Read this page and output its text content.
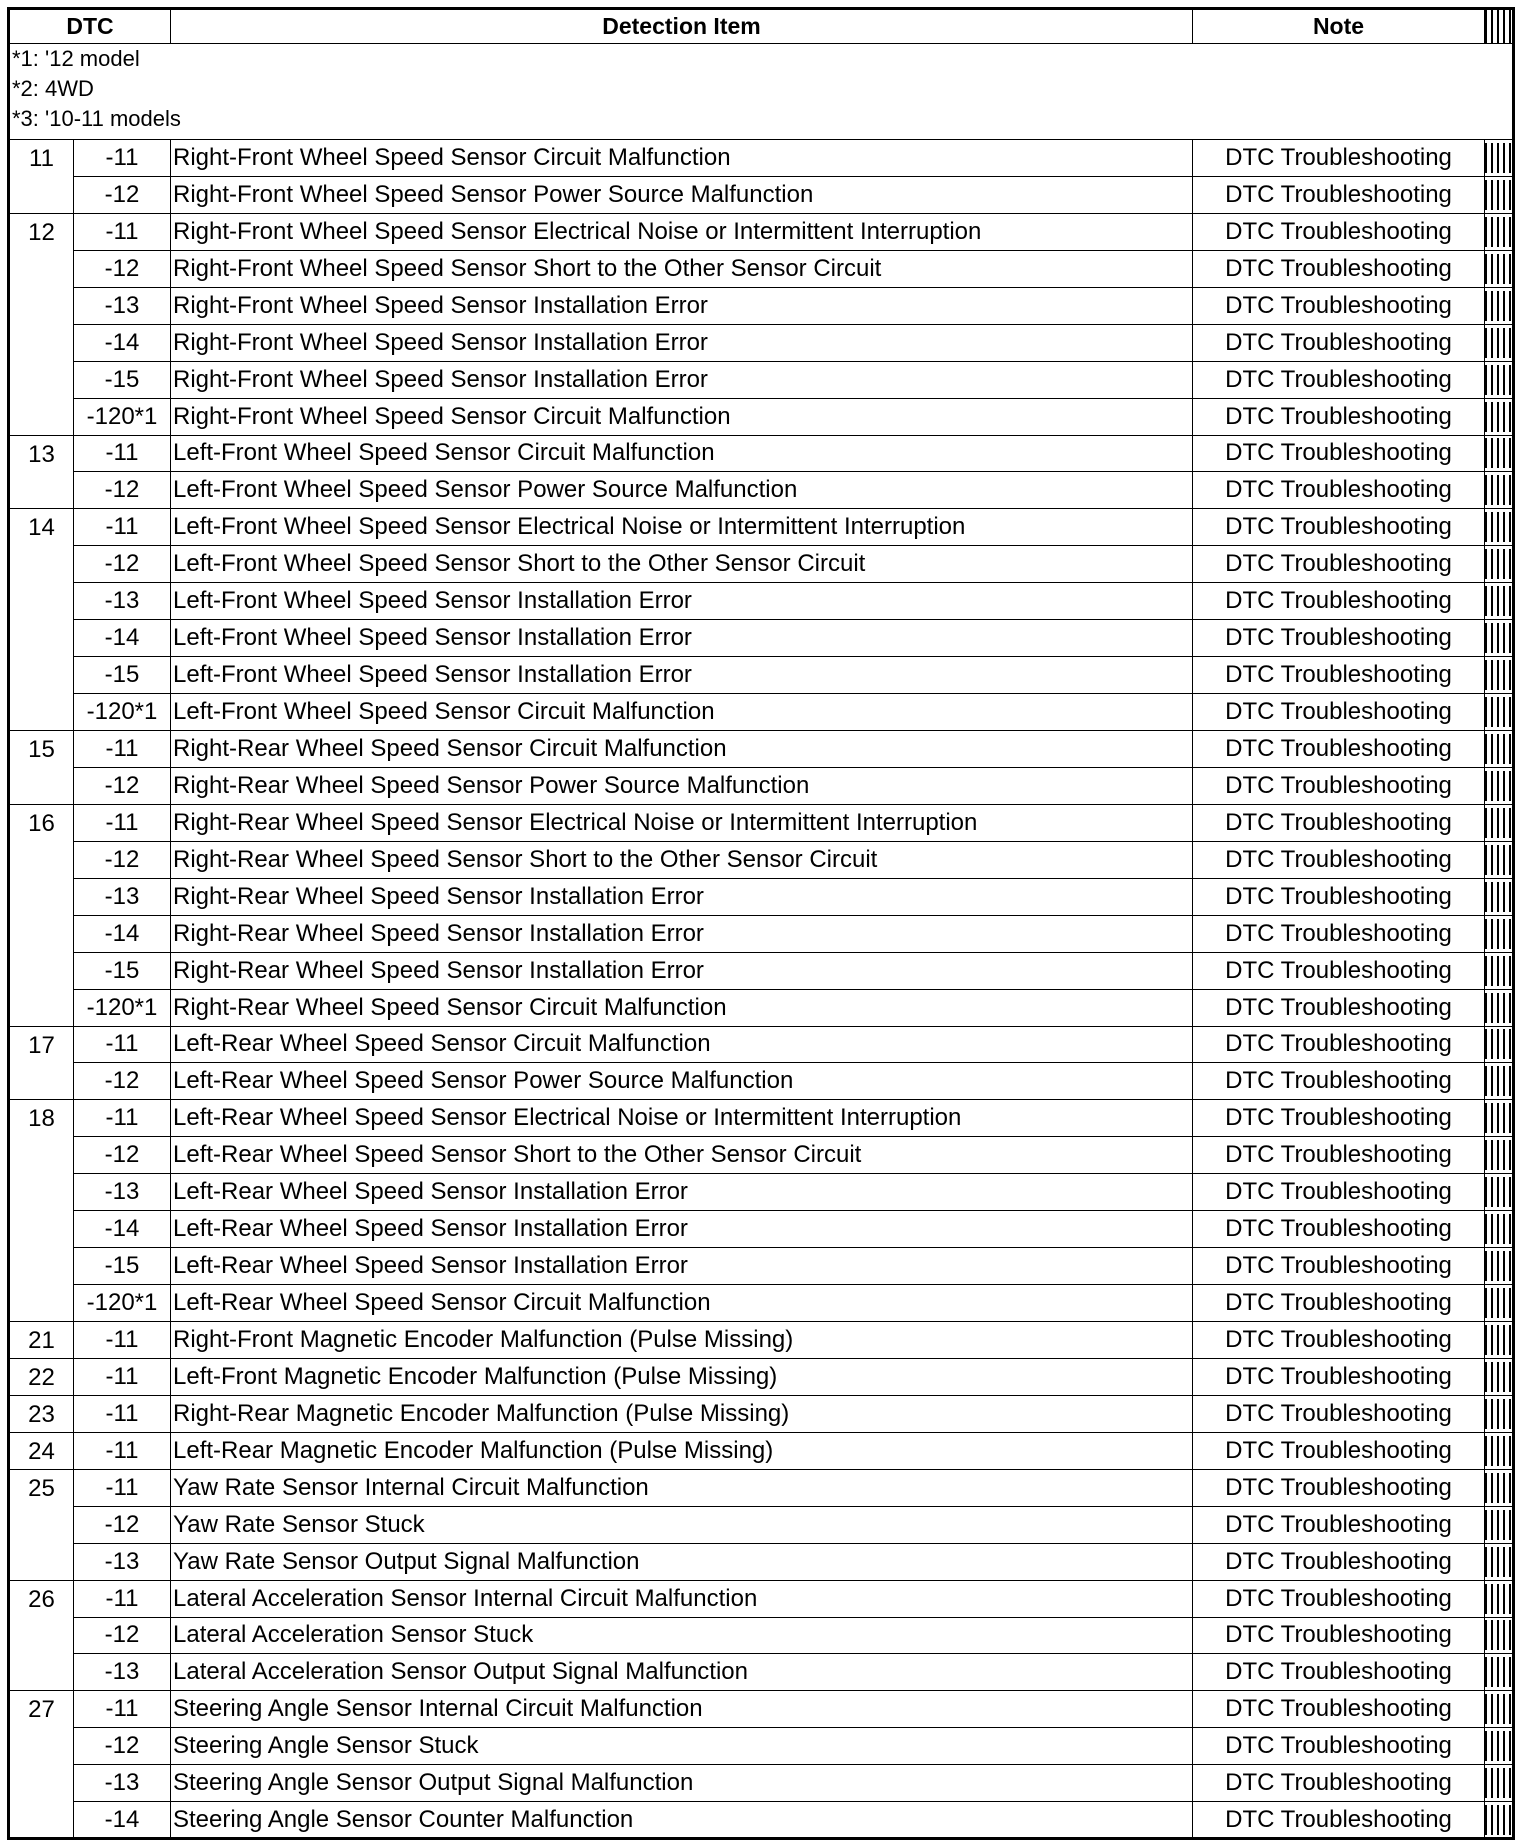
DTC		Detection Item	Note	

*1: '12 model
*2: 4WD
*3: '10-11 models				

11	-11	Right-Front Wheel Speed Sensor Circuit Malfunction	DTC Troubleshooting	

	-12	Right-Front Wheel Speed Sensor Power Source Malfunction	DTC Troubleshooting	

12	-11	Right-Front Wheel Speed Sensor Electrical Noise or Intermittent Interruption	DTC Troubleshooting	

	-12	Right-Front Wheel Speed Sensor Short to the Other Sensor Circuit	DTC Troubleshooting	

	-13	Right-Front Wheel Speed Sensor Installation Error	DTC Troubleshooting	

	-14	Right-Front Wheel Speed Sensor Installation Error	DTC Troubleshooting	

	-15	Right-Front Wheel Speed Sensor Installation Error	DTC Troubleshooting	

	-120*1	Right-Front Wheel Speed Sensor Circuit Malfunction	DTC Troubleshooting	

13	-11	Left-Front Wheel Speed Sensor Circuit Malfunction	DTC Troubleshooting	

	-12	Left-Front Wheel Speed Sensor Power Source Malfunction	DTC Troubleshooting	

14	-11	Left-Front Wheel Speed Sensor Electrical Noise or Intermittent Interruption	DTC Troubleshooting	

	-12	Left-Front Wheel Speed Sensor Short to the Other Sensor Circuit	DTC Troubleshooting	

	-13	Left-Front Wheel Speed Sensor Installation Error	DTC Troubleshooting	

	-14	Left-Front Wheel Speed Sensor Installation Error	DTC Troubleshooting	

	-15	Left-Front Wheel Speed Sensor Installation Error	DTC Troubleshooting	

	-120*1	Left-Front Wheel Speed Sensor Circuit Malfunction	DTC Troubleshooting	

15	-11	Right-Rear Wheel Speed Sensor Circuit Malfunction	DTC Troubleshooting	

	-12	Right-Rear Wheel Speed Sensor Power Source Malfunction	DTC Troubleshooting	

16	-11	Right-Rear Wheel Speed Sensor Electrical Noise or Intermittent Interruption	DTC Troubleshooting	

	-12	Right-Rear Wheel Speed Sensor Short to the Other Sensor Circuit	DTC Troubleshooting	

	-13	Right-Rear Wheel Speed Sensor Installation Error	DTC Troubleshooting	

	-14	Right-Rear Wheel Speed Sensor Installation Error	DTC Troubleshooting	

	-15	Right-Rear Wheel Speed Sensor Installation Error	DTC Troubleshooting	

	-120*1	Right-Rear Wheel Speed Sensor Circuit Malfunction	DTC Troubleshooting	

17	-11	Left-Rear Wheel Speed Sensor Circuit Malfunction	DTC Troubleshooting	

	-12	Left-Rear Wheel Speed Sensor Power Source Malfunction	DTC Troubleshooting	

18	-11	Left-Rear Wheel Speed Sensor Electrical Noise or Intermittent Interruption	DTC Troubleshooting	

	-12	Left-Rear Wheel Speed Sensor Short to the Other Sensor Circuit	DTC Troubleshooting	

	-13	Left-Rear Wheel Speed Sensor Installation Error	DTC Troubleshooting	

	-14	Left-Rear Wheel Speed Sensor Installation Error	DTC Troubleshooting	

	-15	Left-Rear Wheel Speed Sensor Installation Error	DTC Troubleshooting	

	-120*1	Left-Rear Wheel Speed Sensor Circuit Malfunction	DTC Troubleshooting	

21	-11	Right-Front Magnetic Encoder Malfunction (Pulse Missing)	DTC Troubleshooting	

22	-11	Left-Front Magnetic Encoder Malfunction (Pulse Missing)	DTC Troubleshooting	

23	-11	Right-Rear Magnetic Encoder Malfunction (Pulse Missing)	DTC Troubleshooting	

24	-11	Left-Rear Magnetic Encoder Malfunction (Pulse Missing)	DTC Troubleshooting	

25	-11	Yaw Rate Sensor Internal Circuit Malfunction	DTC Troubleshooting	

	-12	Yaw Rate Sensor Stuck	DTC Troubleshooting	

	-13	Yaw Rate Sensor Output Signal Malfunction	DTC Troubleshooting	

26	-11	Lateral Acceleration Sensor Internal Circuit Malfunction	DTC Troubleshooting	

	-12	Lateral Acceleration Sensor Stuck	DTC Troubleshooting	

	-13	Lateral Acceleration Sensor Output Signal Malfunction	DTC Troubleshooting	

27	-11	Steering Angle Sensor Internal Circuit Malfunction	DTC Troubleshooting	

	-12	Steering Angle Sensor Stuck	DTC Troubleshooting	

	-13	Steering Angle Sensor Output Signal Malfunction	DTC Troubleshooting	

	-14	Steering Angle Sensor Counter Malfunction	DTC Troubleshooting	
